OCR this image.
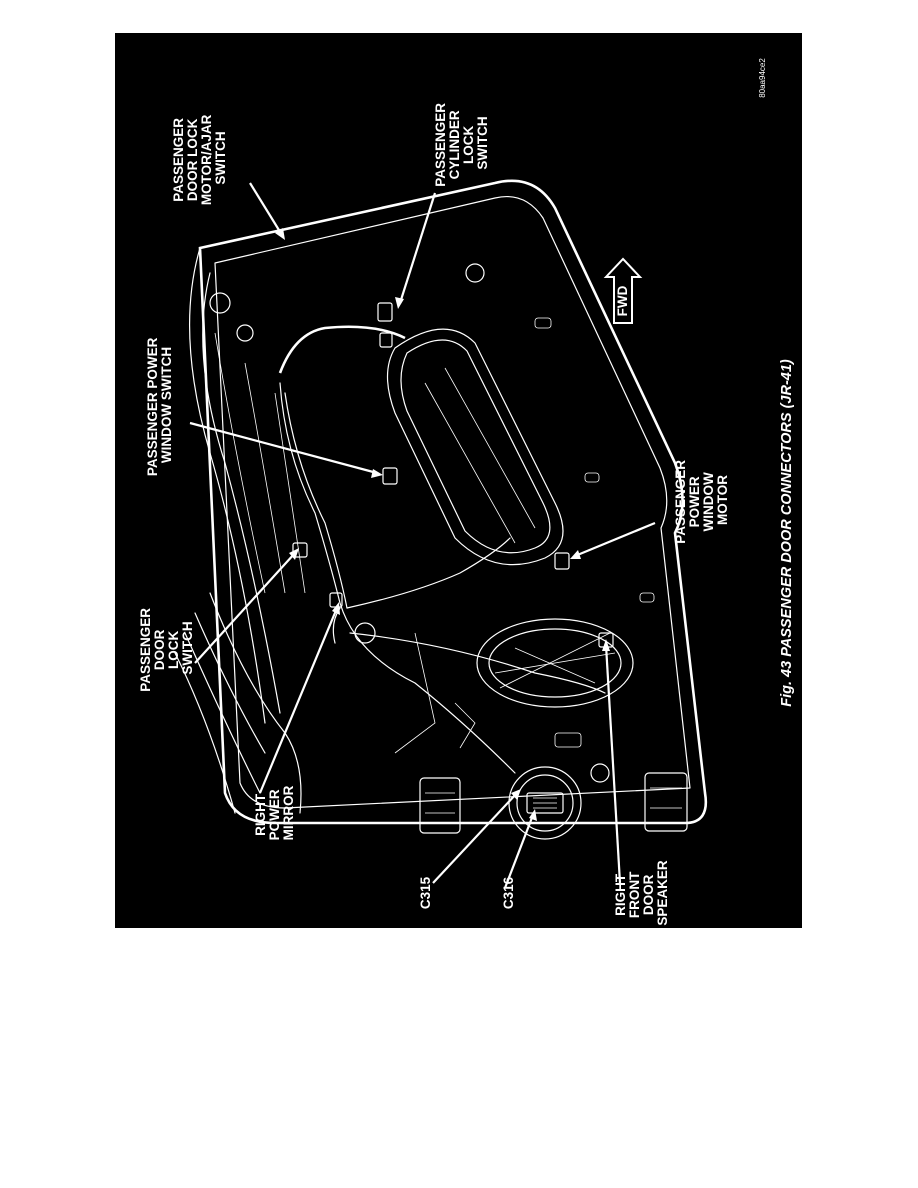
FWD
80aa94ce2
PASSENGER DOOR LOCK MOTOR/AJAR SWITCH	PASSENGER CYLINDER LOCK SWITCH
PASSENGER POWER WINDOW SWITCH
PASSENGER POWER WINDOW MOTOR
PASSENGER DOOR LOCK SWITCH
RIGHT POWER MIRROR
C315	C316	RIGHT FRONT DOOR SPEAKER
Fig. 43 PASSENGER DOOR CONNECTORS (JR-41)
